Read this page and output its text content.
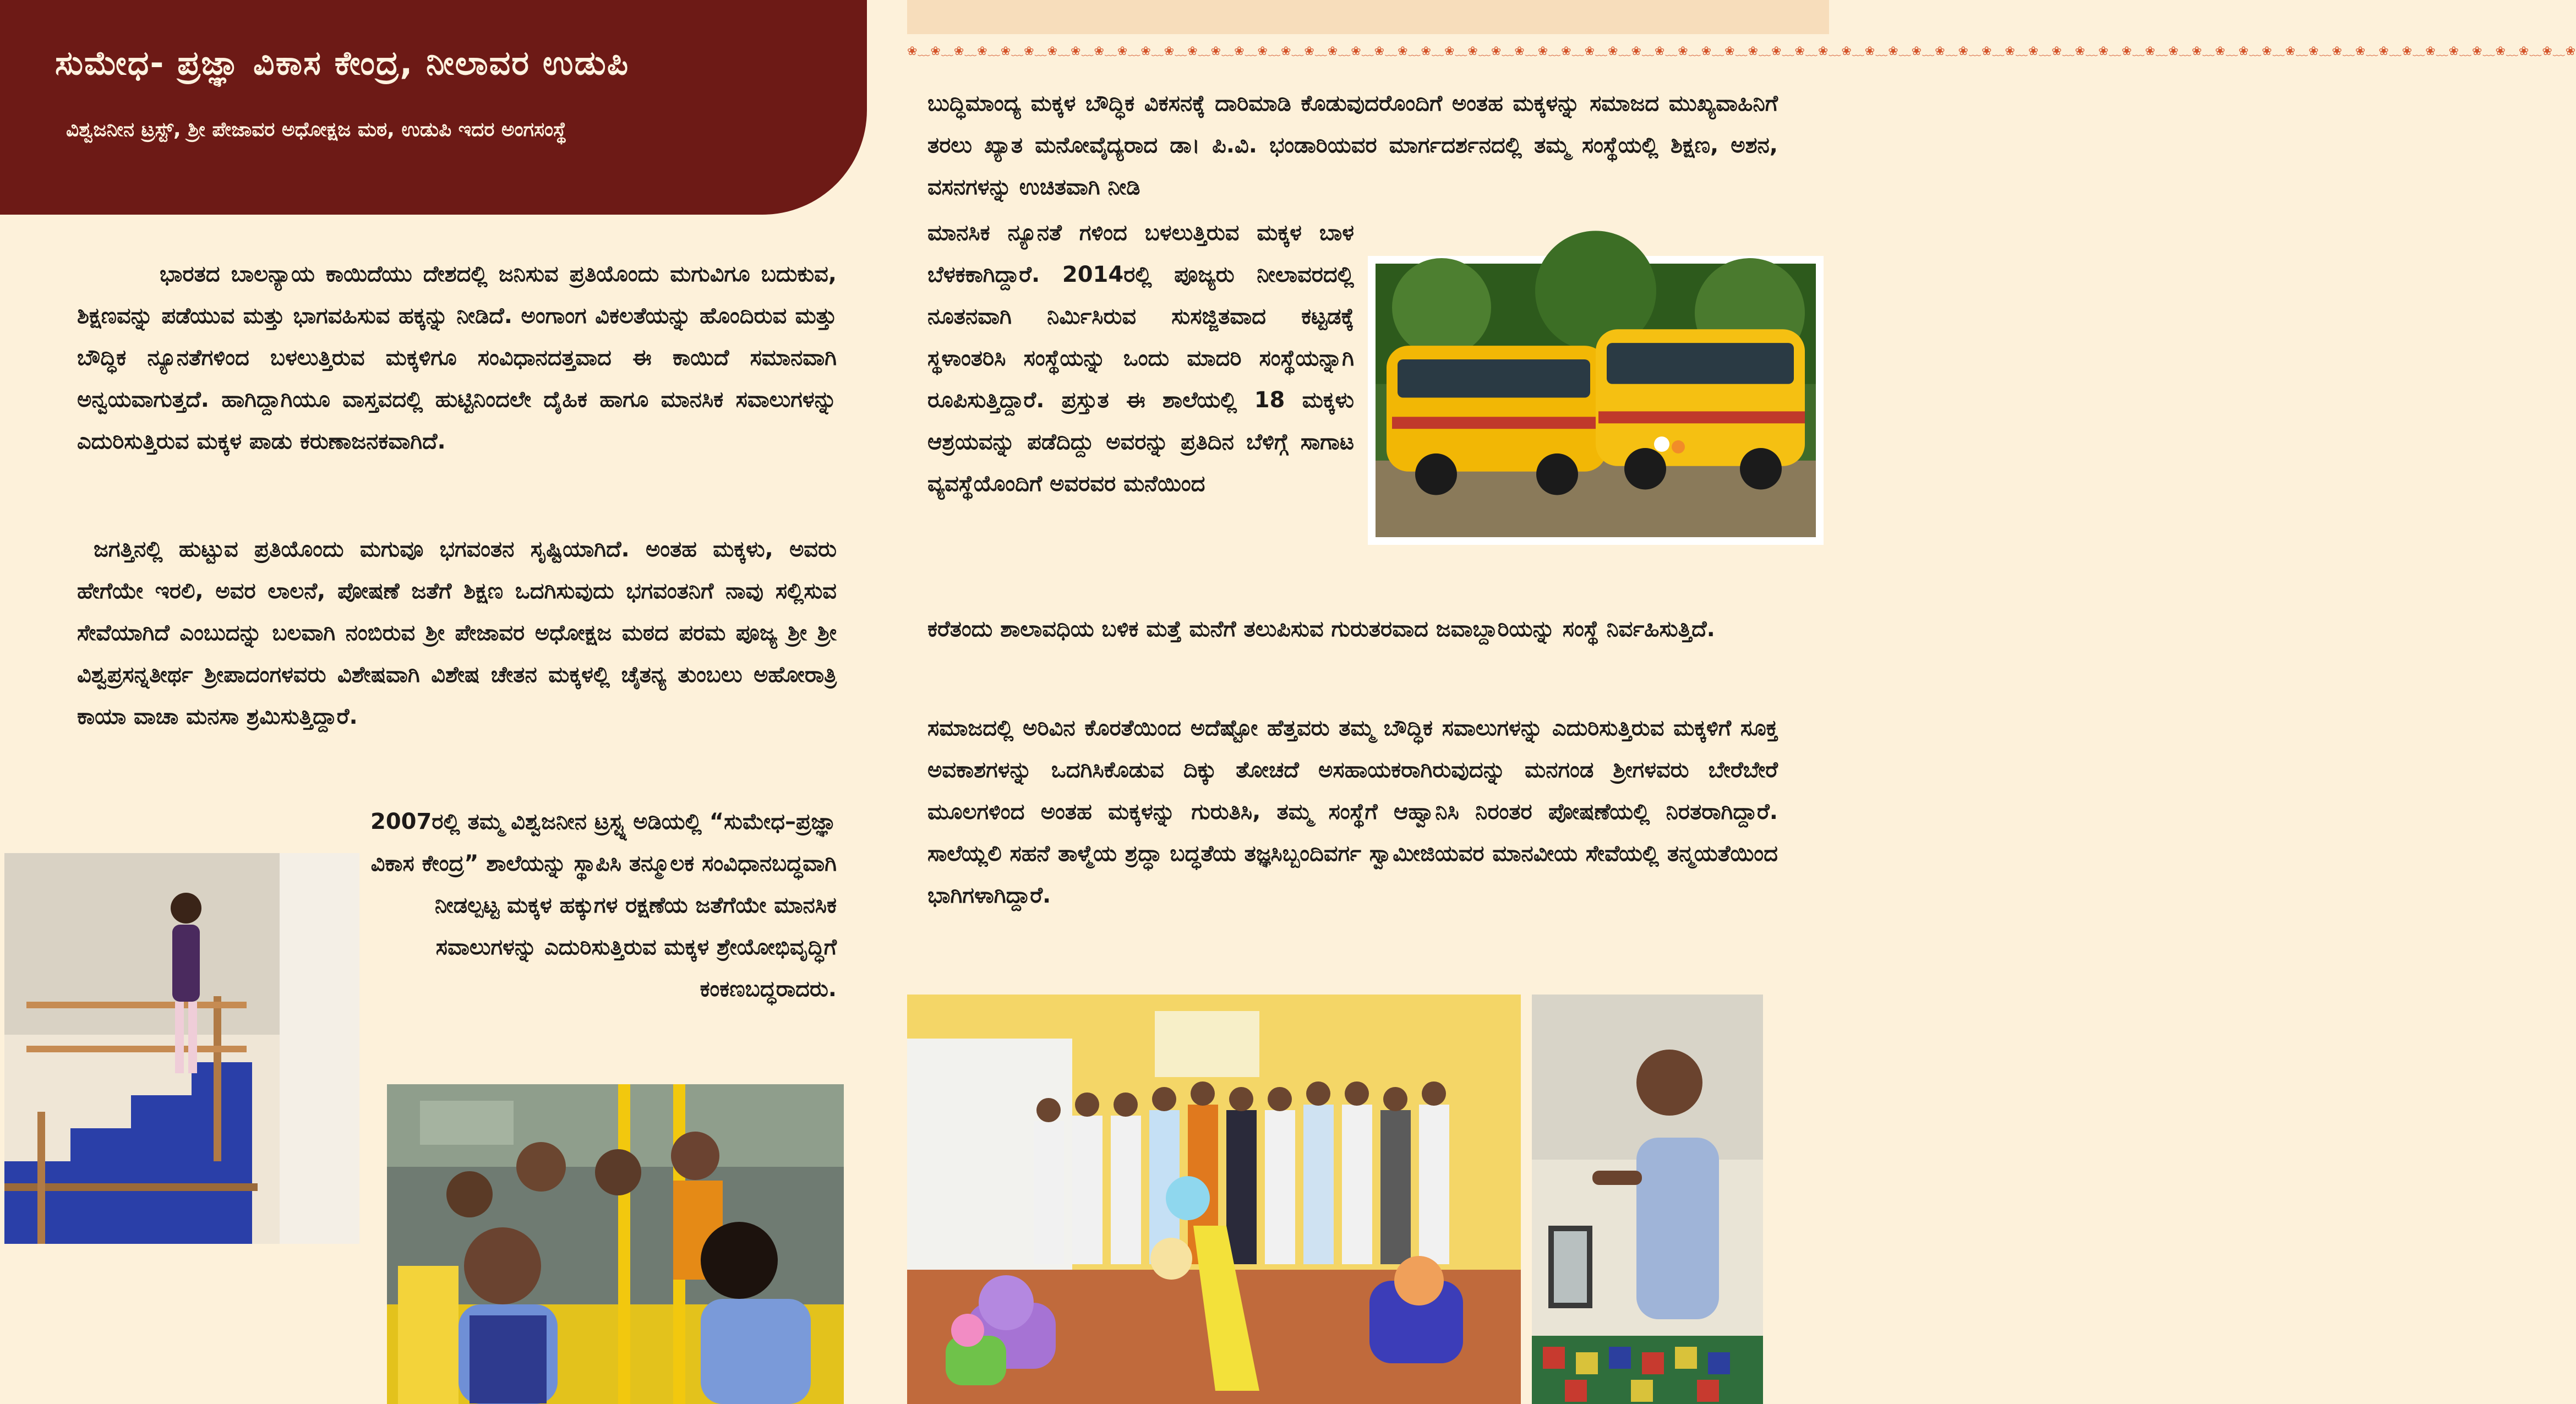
ಸುಮೇಧ- ಪ್ರಜ್ಞಾ ವಿಕಾಸ ಕೇಂದ್ರ, ನೀಲಾವರ ಉಡುಪಿ
ವಿಶ್ವಜನೀನ ಟ್ರಸ್ಟ್, ಶ್ರೀ ಪೇಜಾವರ ಅಧೋಕ್ಷಜ ಮಠ, ಉಡುಪಿ ಇದರ ಅಂಗಸಂಸ್ಥೆ
❀﹏❀﹏❀﹏❀﹏❀﹏❀﹏❀﹏❀﹏❀﹏❀﹏❀﹏❀﹏❀﹏❀﹏❀﹏❀﹏❀﹏❀﹏❀﹏❀﹏❀﹏❀﹏❀﹏❀﹏❀﹏❀﹏❀﹏❀﹏❀﹏❀﹏❀﹏❀﹏❀﹏❀﹏❀﹏❀﹏❀﹏❀﹏❀﹏❀﹏❀﹏❀﹏❀﹏❀﹏❀﹏❀﹏❀﹏❀﹏❀﹏❀﹏❀﹏❀﹏❀﹏❀﹏❀﹏❀﹏❀﹏❀﹏❀﹏❀﹏❀﹏❀﹏❀﹏❀﹏❀﹏❀﹏❀﹏❀﹏❀﹏❀﹏❀﹏❀

ಭಾರತದ ಬಾಲನ್ಯಾಯ ಕಾಯಿದೆಯು ದೇಶದಲ್ಲಿ ಜನಿಸುವ ಪ್ರತಿಯೊಂದು ಮಗುವಿಗೂ ಬದುಕುವ, ಶಿಕ್ಷಣವನ್ನು ಪಡೆಯುವ ಮತ್ತು ಭಾಗವಹಿಸುವ ಹಕ್ಕನ್ನು ನೀಡಿದೆ. ಅಂಗಾಂಗ ವಿಕಲತೆಯನ್ನು ಹೊಂದಿರುವ ಮತ್ತು ಬೌದ್ಧಿಕ ನ್ಯೂನತೆಗಳಿಂದ ಬಳಲುತ್ತಿರುವ ಮಕ್ಕಳಿಗೂ ಸಂವಿಧಾನದತ್ತವಾದ ಈ ಕಾಯಿದೆ ಸಮಾನವಾಗಿ ಅನ್ವಯವಾಗುತ್ತದೆ. ಹಾಗಿದ್ದಾಗಿಯೂ ವಾಸ್ತವದಲ್ಲಿ ಹುಟ್ಟಿನಿಂದಲೇ ದೈಹಿಕ ಹಾಗೂ ಮಾನಸಿಕ ಸವಾಲುಗಳನ್ನು ಎದುರಿಸುತ್ತಿರುವ ಮಕ್ಕಳ ಪಾಡು ಕರುಣಾಜನಕವಾಗಿದೆ.

ಜಗತ್ತಿನಲ್ಲಿ ಹುಟ್ಟುವ ಪ್ರತಿಯೊಂದು ಮಗುವೂ ಭಗವಂತನ ಸೃಷ್ಟಿಯಾಗಿದೆ. ಅಂತಹ ಮಕ್ಕಳು, ಅವರು ಹೇಗೆಯೇ ಇರಲಿ, ಅವರ ಲಾಲನೆ, ಪೋಷಣೆ ಜತೆಗೆ ಶಿಕ್ಷಣ ಒದಗಿಸುವುದು ಭಗವಂತನಿಗೆ ನಾವು ಸಲ್ಲಿಸುವ ಸೇವೆಯಾಗಿದೆ ಎಂಬುದನ್ನು ಬಲವಾಗಿ ನಂಬಿರುವ ಶ್ರೀ ಪೇಜಾವರ ಅಧೋಕ್ಷಜ ಮಠದ ಪರಮ ಪೂಜ್ಯ ಶ್ರೀ ಶ್ರೀ ವಿಶ್ವಪ್ರಸನ್ನತೀರ್ಥ ಶ್ರೀಪಾದಂಗಳವರು ವಿಶೇಷವಾಗಿ ವಿಶೇಷ ಚೇತನ ಮಕ್ಕಳಲ್ಲಿ ಚೈತನ್ಯ ತುಂಬಲು ಅಹೋರಾತ್ರಿ ಕಾಯಾ ವಾಚಾ ಮನಸಾ ಶ್ರಮಿಸುತ್ತಿದ್ದಾರೆ.

2007ರಲ್ಲಿ ತಮ್ಮ ವಿಶ್ವಜನೀನ ಟ್ರಸ್ಟ್ನ ಅಡಿಯಲ್ಲಿ “ಸುಮೇಧ–ಪ್ರಜ್ಞಾ ವಿಕಾಸ ಕೇಂದ್ರ” ಶಾಲೆಯನ್ನು ಸ್ಥಾಪಿಸಿ ತನ್ಮೂಲಕ ಸಂವಿಧಾನಬದ್ಧವಾಗಿ ನೀಡಲ್ಪಟ್ಟ ಮಕ್ಕಳ ಹಕ್ಕುಗಳ ರಕ್ಷಣೆಯ ಜತೆಗೆಯೇ ಮಾನಸಿಕ ಸವಾಲುಗಳನ್ನು ಎದುರಿಸುತ್ತಿರುವ ಮಕ್ಕಳ ಶ್ರೇಯೋಭಿವೃದ್ಧಿಗೆ ಕಂಕಣಬದ್ಧರಾದರು.

ಬುದ್ಧಿಮಾಂದ್ಯ ಮಕ್ಕಳ ಬೌದ್ಧಿಕ ವಿಕಸನಕ್ಕೆ ದಾರಿಮಾಡಿ ಕೊಡುವುದರೊಂದಿಗೆ ಅಂತಹ ಮಕ್ಕಳನ್ನು ಸಮಾಜದ ಮುಖ್ಯವಾಹಿನಿಗೆ ತರಲು ಖ್ಯಾತ ಮನೋವೈದ್ಯರಾದ ಡಾ। ಪಿ.ವಿ. ಭಂಡಾರಿಯವರ ಮಾರ್ಗದರ್ಶನದಲ್ಲಿ ತಮ್ಮ ಸಂಸ್ಥೆಯಲ್ಲಿ ಶಿಕ್ಷಣ, ಅಶನ, ವಸನಗಳನ್ನು ಉಚಿತವಾಗಿ ನೀಡಿ

ಮಾನಸಿಕ ನ್ಯೂನತೆ ಗಳಿಂದ ಬಳಲುತ್ತಿರುವ ಮಕ್ಕಳ ಬಾಳ ಬೆಳಕಕಾಗಿದ್ದಾರೆ. 2014ರಲ್ಲಿ ಪೂಜ್ಯರು ನೀಲಾವರದಲ್ಲಿ ನೂತನವಾಗಿ ನಿರ್ಮಿಸಿರುವ ಸುಸಜ್ಜಿತವಾದ ಕಟ್ಟಡಕ್ಕೆ ಸ್ಥಳಾಂತರಿಸಿ ಸಂಸ್ಥೆಯನ್ನು ಒಂದು ಮಾದರಿ ಸಂಸ್ಥೆಯನ್ನಾಗಿ ರೂಪಿಸುತ್ತಿದ್ದಾರೆ. ಪ್ರಸ್ತುತ ಈ ಶಾಲೆಯಲ್ಲಿ 18 ಮಕ್ಕಳು ಆಶ್ರಯವನ್ನು ಪಡೆದಿದ್ದು ಅವರನ್ನು ಪ್ರತಿದಿನ ಬೆಳಿಗ್ಗೆ ಸಾಗಾಟ ವ್ಯವಸ್ಥೆಯೊಂದಿಗೆ ಅವರವರ ಮನೆಯಿಂದ

ಕರೆತಂದು ಶಾಲಾವಧಿಯ ಬಳಿಕ ಮತ್ತೆ ಮನೆಗೆ ತಲುಪಿಸುವ ಗುರುತರವಾದ ಜವಾಬ್ದಾರಿಯನ್ನು ಸಂಸ್ಥೆ ನಿರ್ವಹಿಸುತ್ತಿದೆ.

ಸಮಾಜದಲ್ಲಿ ಅರಿವಿನ ಕೊರತೆಯಿಂದ ಅದೆಷ್ಟೋ ಹೆತ್ತವರು ತಮ್ಮ ಬೌದ್ಧಿಕ ಸವಾಲುಗಳನ್ನು ಎದುರಿಸುತ್ತಿರುವ ಮಕ್ಕಳಿಗೆ ಸೂಕ್ತ ಅವಕಾಶಗಳನ್ನು ಒದಗಿಸಿಕೊಡುವ ದಿಕ್ಕು ತೋಚದೆ ಅಸಹಾಯಕರಾಗಿರುವುದನ್ನು ಮನಗಂಡ ಶ್ರೀಗಳವರು ಬೇರೆಬೇರೆ ಮೂಲಗಳಿಂದ ಅಂತಹ ಮಕ್ಕಳನ್ನು ಗುರುತಿಸಿ, ತಮ್ಮ ಸಂಸ್ಥೆಗೆ ಆಹ್ವಾನಿಸಿ ನಿರಂತರ ಪೋಷಣೆಯಲ್ಲಿ ನಿರತರಾಗಿದ್ದಾರೆ. ಸಾಲೆಯ್ಲಲಿ ಸಹನೆ ತಾಳ್ಮೆಯ ಶ್ರದ್ಧಾ ಬದ್ಧತೆಯ ತಜ್ಞಸಿಬ್ಬಂದಿವರ್ಗ ಸ್ವಾಮೀಜಿಯವರ ಮಾನವೀಯ ಸೇವೆಯಲ್ಲಿ ತನ್ಮಯತೆಯಿಂದ ಭಾಗಿಗಳಾಗಿದ್ದಾರೆ.
